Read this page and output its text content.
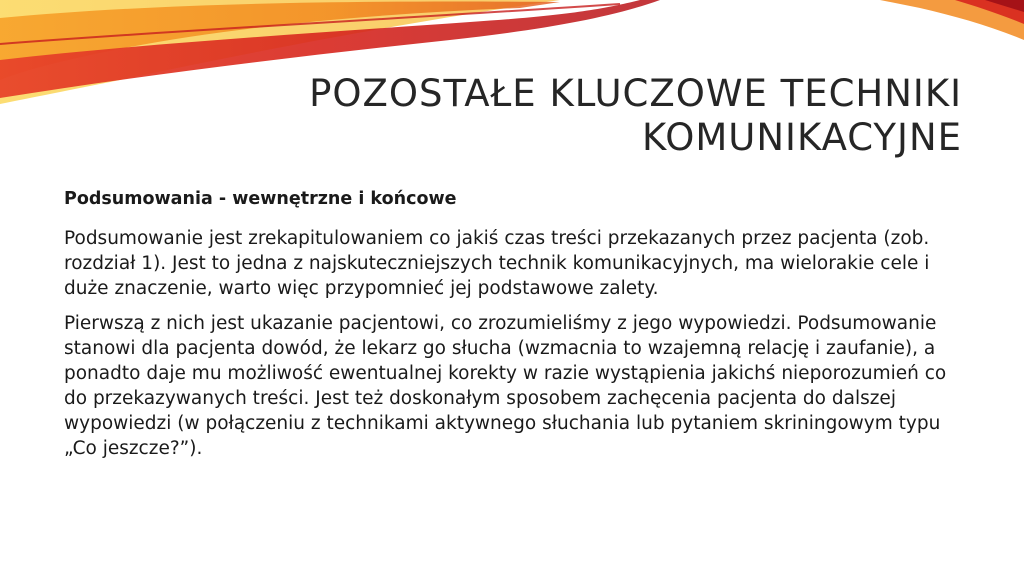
POZOSTAŁE KLUCZOWE TECHNIKI
KOMUNIKACYJNE

Podsumowania - wewnętrzne i końcowe

Podsumowanie jest zrekapitulowaniem co jakiś czas treści przekazanych przez pacjenta (zob. rozdział 1). Jest to jedna z najskuteczniejszych technik komunikacyjnych, ma wielorakie cele i duże znaczenie, warto więc przypomnieć jej podstawowe zalety.

Pierwszą z nich jest ukazanie pacjentowi, co zrozumieliśmy z jego wypowiedzi. Podsumowanie stanowi dla pacjenta dowód, że lekarz go słucha (wzmacnia to wzajemną relację i zaufanie), a ponadto daje mu możliwość ewentualnej korekty w razie wystąpienia jakichś nieporozumień co do przekazywanych treści. Jest też doskonałym sposobem zachęcenia pacjenta do dalszej wypowiedzi (w połączeniu z technikami aktywnego słuchania lub pytaniem skriningowym typu „Co jeszcze?”).
